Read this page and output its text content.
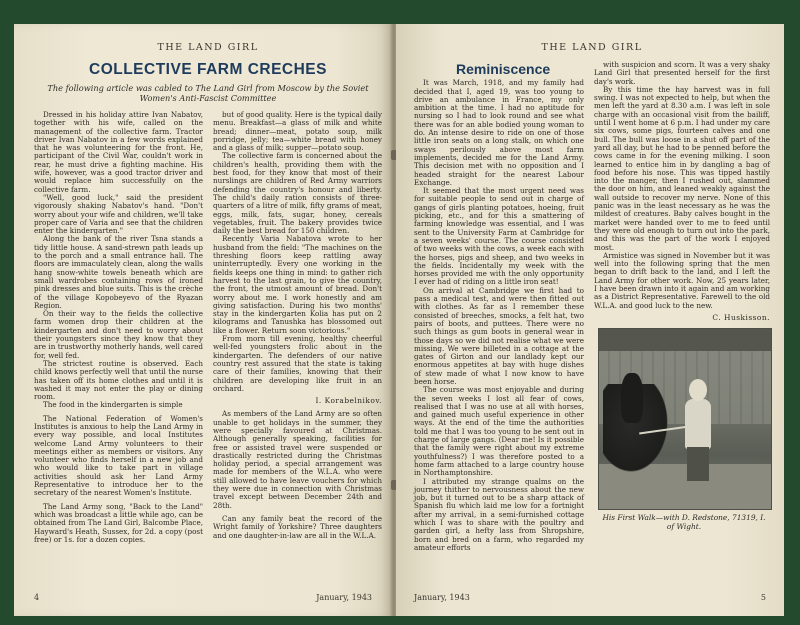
THE LAND GIRL
COLLECTIVE FARM CRECHES
The following article was cabled to The Land Girl from Moscow by the Soviet Women's Anti-Fascist Committee

Dressed in his holiday attire Ivan Nabatov, together with his wife, called on the management of the collective farm. Tractor driver Ivan Nabatov in a few words explained that he was volunteering for the front. He, participant of the Civil War, couldn't work in rear, he must drive a fighting machine. His wife, however, was a good tractor driver and would replace him successfully on the collective farm.

"Well, good luck," said the president vigorously shaking Nabatov's hand. "Don't worry about your wife and children, we'll take proper care of Varia and see that the children enter the kindergarten."

Along the bank of the river Tsna stands a tidy little house. A sand-strewn path leads up to the porch and a small entrance hall. The floors are immaculately clean, along the walls hang snow-white towels beneath which are small wardrobes containing rows of ironed pink dresses and blue suits. This is the crèche of the village Kopobeyevo of the Ryazan Region.

On their way to the fields the collective farm women drop their children at the kindergarten and don't need to worry about their youngsters since they know that they are in trustworthy motherly hands, well cared for, well fed.

The strictest routine is observed. Each child knows perfectly well that until the nurse has taken off its home clothes and until it is washed it may not enter the play or dining room.

The food in the kindergarten is simple

The National Federation of Women's Institutes is anxious to help the Land Army in every way possible, and local Institutes welcome Land Army volunteers to their meetings either as members or visitors. Any volunteer who finds herself in a new job and who would like to take part in village activities should ask her Land Army Representative to introduce her to the secretary of the nearest Women's Institute.

The Land Army song, "Back to the Land" which was broadcast a little while ago, can be obtained from The Land Girl, Balcombe Place, Hayward's Heath, Sussex, for 2d. a copy (post free) or 1s. for a dozen copies.

but of good quality. Here is the typical daily menu. Breakfast—a glass of milk and white bread; dinner—meat, potato soup, milk porridge, jelly; tea—white bread with honey and a glass of milk; supper—potato soup.

The collective farm is concerned about the children's health, providing them with the best food, for they know that most of their nurslings are children of Red Army warriors defending the country's honour and liberty. The child's daily ration consists of three-quarters of a litre of milk, fifty grams of meat, eggs, milk, fats, sugar, honey, cereals vegetables, fruit. The bakery provides twice daily the best bread for 150 children.

Recently Varia Nabatova wrote to her husband from the field: "The machines on the threshing floors keep rattling away uninterruptedly. Every one working in the fields keeps one thing in mind: to gather rich harvest to the last grain, to give the country, the front, the utmost amount of bread. Don't worry about me. I work honestly and am giving satisfaction. During his two months' stay in the kindergarten Kolia has put on 2 kilograms and Tanushka has blossomed out like a flower. Return soon victorious."

From morn till evening, healthy cheerful well-fed youngsters frolic about in the kindergarten. The defenders of our native country rest assured that the state is taking care of their families, knowing that their children are developing like fruit in an orchard.

I. Korabelnikov.

As members of the Land Army are so often unable to get holidays in the summer, they were specially favoured at Christmas. Although generally speaking, facilities for free or assisted travel were suspended or drastically restricted during the Christmas holiday period, a special arrangement was made for members of the W.L.A. who were still allowed to have leave vouchers for which they were due in connection with Christmas travel except between December 24th and 28th.

Can any family beat the record of the Wright family of Yorkshire? Three daughters and one daughter-in-law are all in the W.L.A.

4	January, 1943
THE LAND GIRL
Reminiscence

It was March, 1918, and my family had decided that I, aged 19, was too young to drive an ambulance in France, my only ambition at the time. I had no aptitude for nursing so I had to look round and see what there was for an able bodied young woman to do. An intense desire to ride on one of those little iron seats on a long stalk, on which one sways perilously above most farm implements, decided me for the Land Army. This decision met with no opposition and I headed straight for the nearest Labour Exchange.

It seemed that the most urgent need was for suitable people to send out in charge of gangs of girls planting potatoes, hoeing, fruit picking, etc., and for this a smattering of farming knowledge was essential, and I was sent to the University Farm at Cambridge for a seven weeks' course. The course consisted of two weeks with the cows, a week each with the horses, pigs and sheep, and two weeks in the fields. Incidentally my week with the horses provided me with the only opportunity I ever had of riding on a little iron seat!

On arrival at Cambridge we first had to pass a medical test, and were then fitted out with clothes. As far as I remember these consisted of breeches, smocks, a felt hat, two pairs of boots, and puttees. There were no such things as gum boots in general wear in those days so we did not realise what we were missing. We were billeted in a cottage at the gates of Girton and our landlady kept our enormous appetites at bay with huge dishes of stew made of what I now know to have been horse.

The course was most enjoyable and during the seven weeks I lost all fear of cows, realised that I was no use at all with horses, and gained much useful experience in other ways. At the end of the time the authorities told me that I was too young to be sent out in charge of large gangs. (Dear me! Is it possible that the family were right about my extreme youthfulness?) I was therefore posted to a home farm attached to a large country house in Northamptonshire.

I attributed my strange qualms on the journey thither to nervousness about the new job, but it turned out to be a sharp attack of Spanish flu which laid me low for a fortnight after my arrival, in a semi-furnished cottage which I was to share with the poultry and garden girl, a hefty lass from Shropshire, born and bred on a farm, who regarded my amateur efforts

with suspicion and scorn. It was a very shaky Land Girl that presented herself for the first day's work.

By this time the hay harvest was in full swing. I was not expected to help, but when the men left the yard at 8.30 a.m. I was left in sole charge with an occasional visit from the bailiff, until I went home at 6 p.m. I had under my care six cows, some pigs, fourteen calves and one bull. The bull was loose in a shut off part of the yard all day, but he had to be penned before the cows came in for the evening milking. I soon learned to entice him in by dangling a bag of food before his nose. This was tipped hastily into the manger, then I rushed out, slammed the door on him, and leaned weakly against the wall outside to recover my nerve. None of this panic was in the least necessary as he was the mildest of creatures. Baby calves bought in the market were handed over to me to feed until they were old enough to turn out into the park, and this was the part of the work I enjoyed most.

Armistice was signed in November but it was well into the following spring that the men began to drift back to the land, and I left the Land Army for other work. Now, 25 years later, I have been drawn into it again and am working as a District Representative. Farewell to the old W.L.A. and good luck to the new.

C. Huskisson.
His First Walk—with D. Redstone, 71319, I. of Wight.
January, 1943	5
